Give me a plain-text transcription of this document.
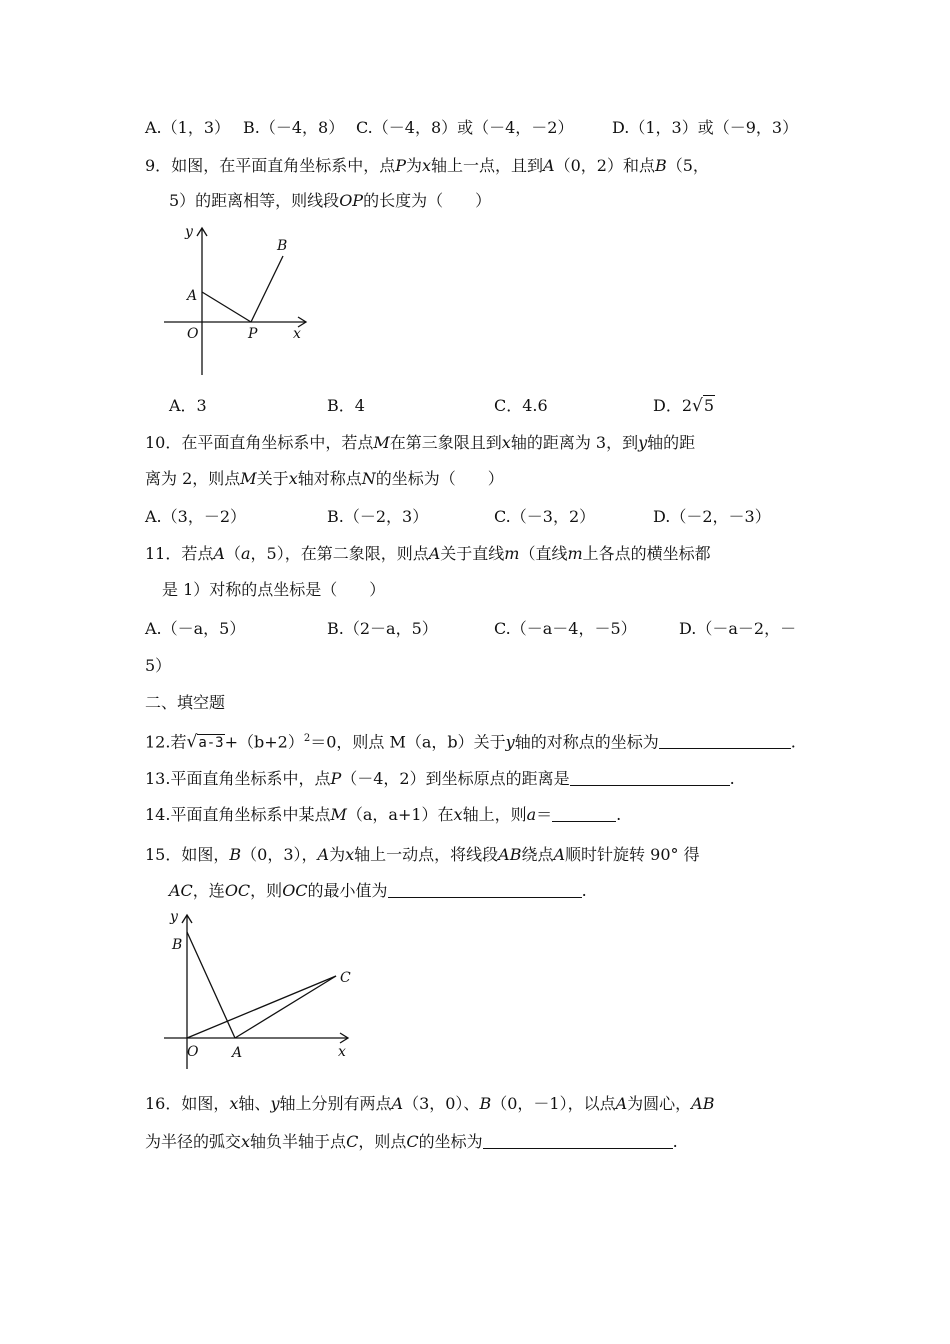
A.（1，3） B.（－4，8） C.（－4，8）或（－4，－2） D.（1，3）或（－9，3）
9．如图，在平面直角坐标系中，点P为x轴上一点，且到A（0，2）和点B（5，
5）的距离相等，则线段OP的长度为（　　）
y
B
A
O	P	x
A．3	B．4	C．4.6	D．2√5
10．在平面直角坐标系中，若点M在第三象限且到x轴的距离为 3，到y轴的距
离为 2，则点M关于x轴对称点N的坐标为（　　）
A.（3，－2）	B.（－2，3）	C.（－3，2）	D.（－2，－3）
11．若点A（a，5），在第二象限，则点A关于直线m（直线m上各点的横坐标都
是 1）对称的点坐标是（　　）
A.（－a，5）	B.（2－a，5）	C.（－a－4，－5）	D.（－a－2，－
5）
二、填空题
12.若$√a-3+(b+2)^2=0$，则点 M（a，b）关于y轴的对称点的坐标为	.
13.平面直角坐标系中，点P（－4，2）到坐标原点的距离是	.
14.平面直角坐标系中某点M（a，a+1）在x轴上，则a＝	.
15．如图，B（0，3），A为x轴上一动点，将线段AB绕点A顺时针旋转 90° 得
AC，连OC，则OC的最小值为	.
y
B
C
O A	x
16．如图，x轴、y轴上分别有两点A（3，0）、B（0，－1），以点A为圆心，AB
为半径的弧交x轴负半轴于点C，则点C的坐标为	.
